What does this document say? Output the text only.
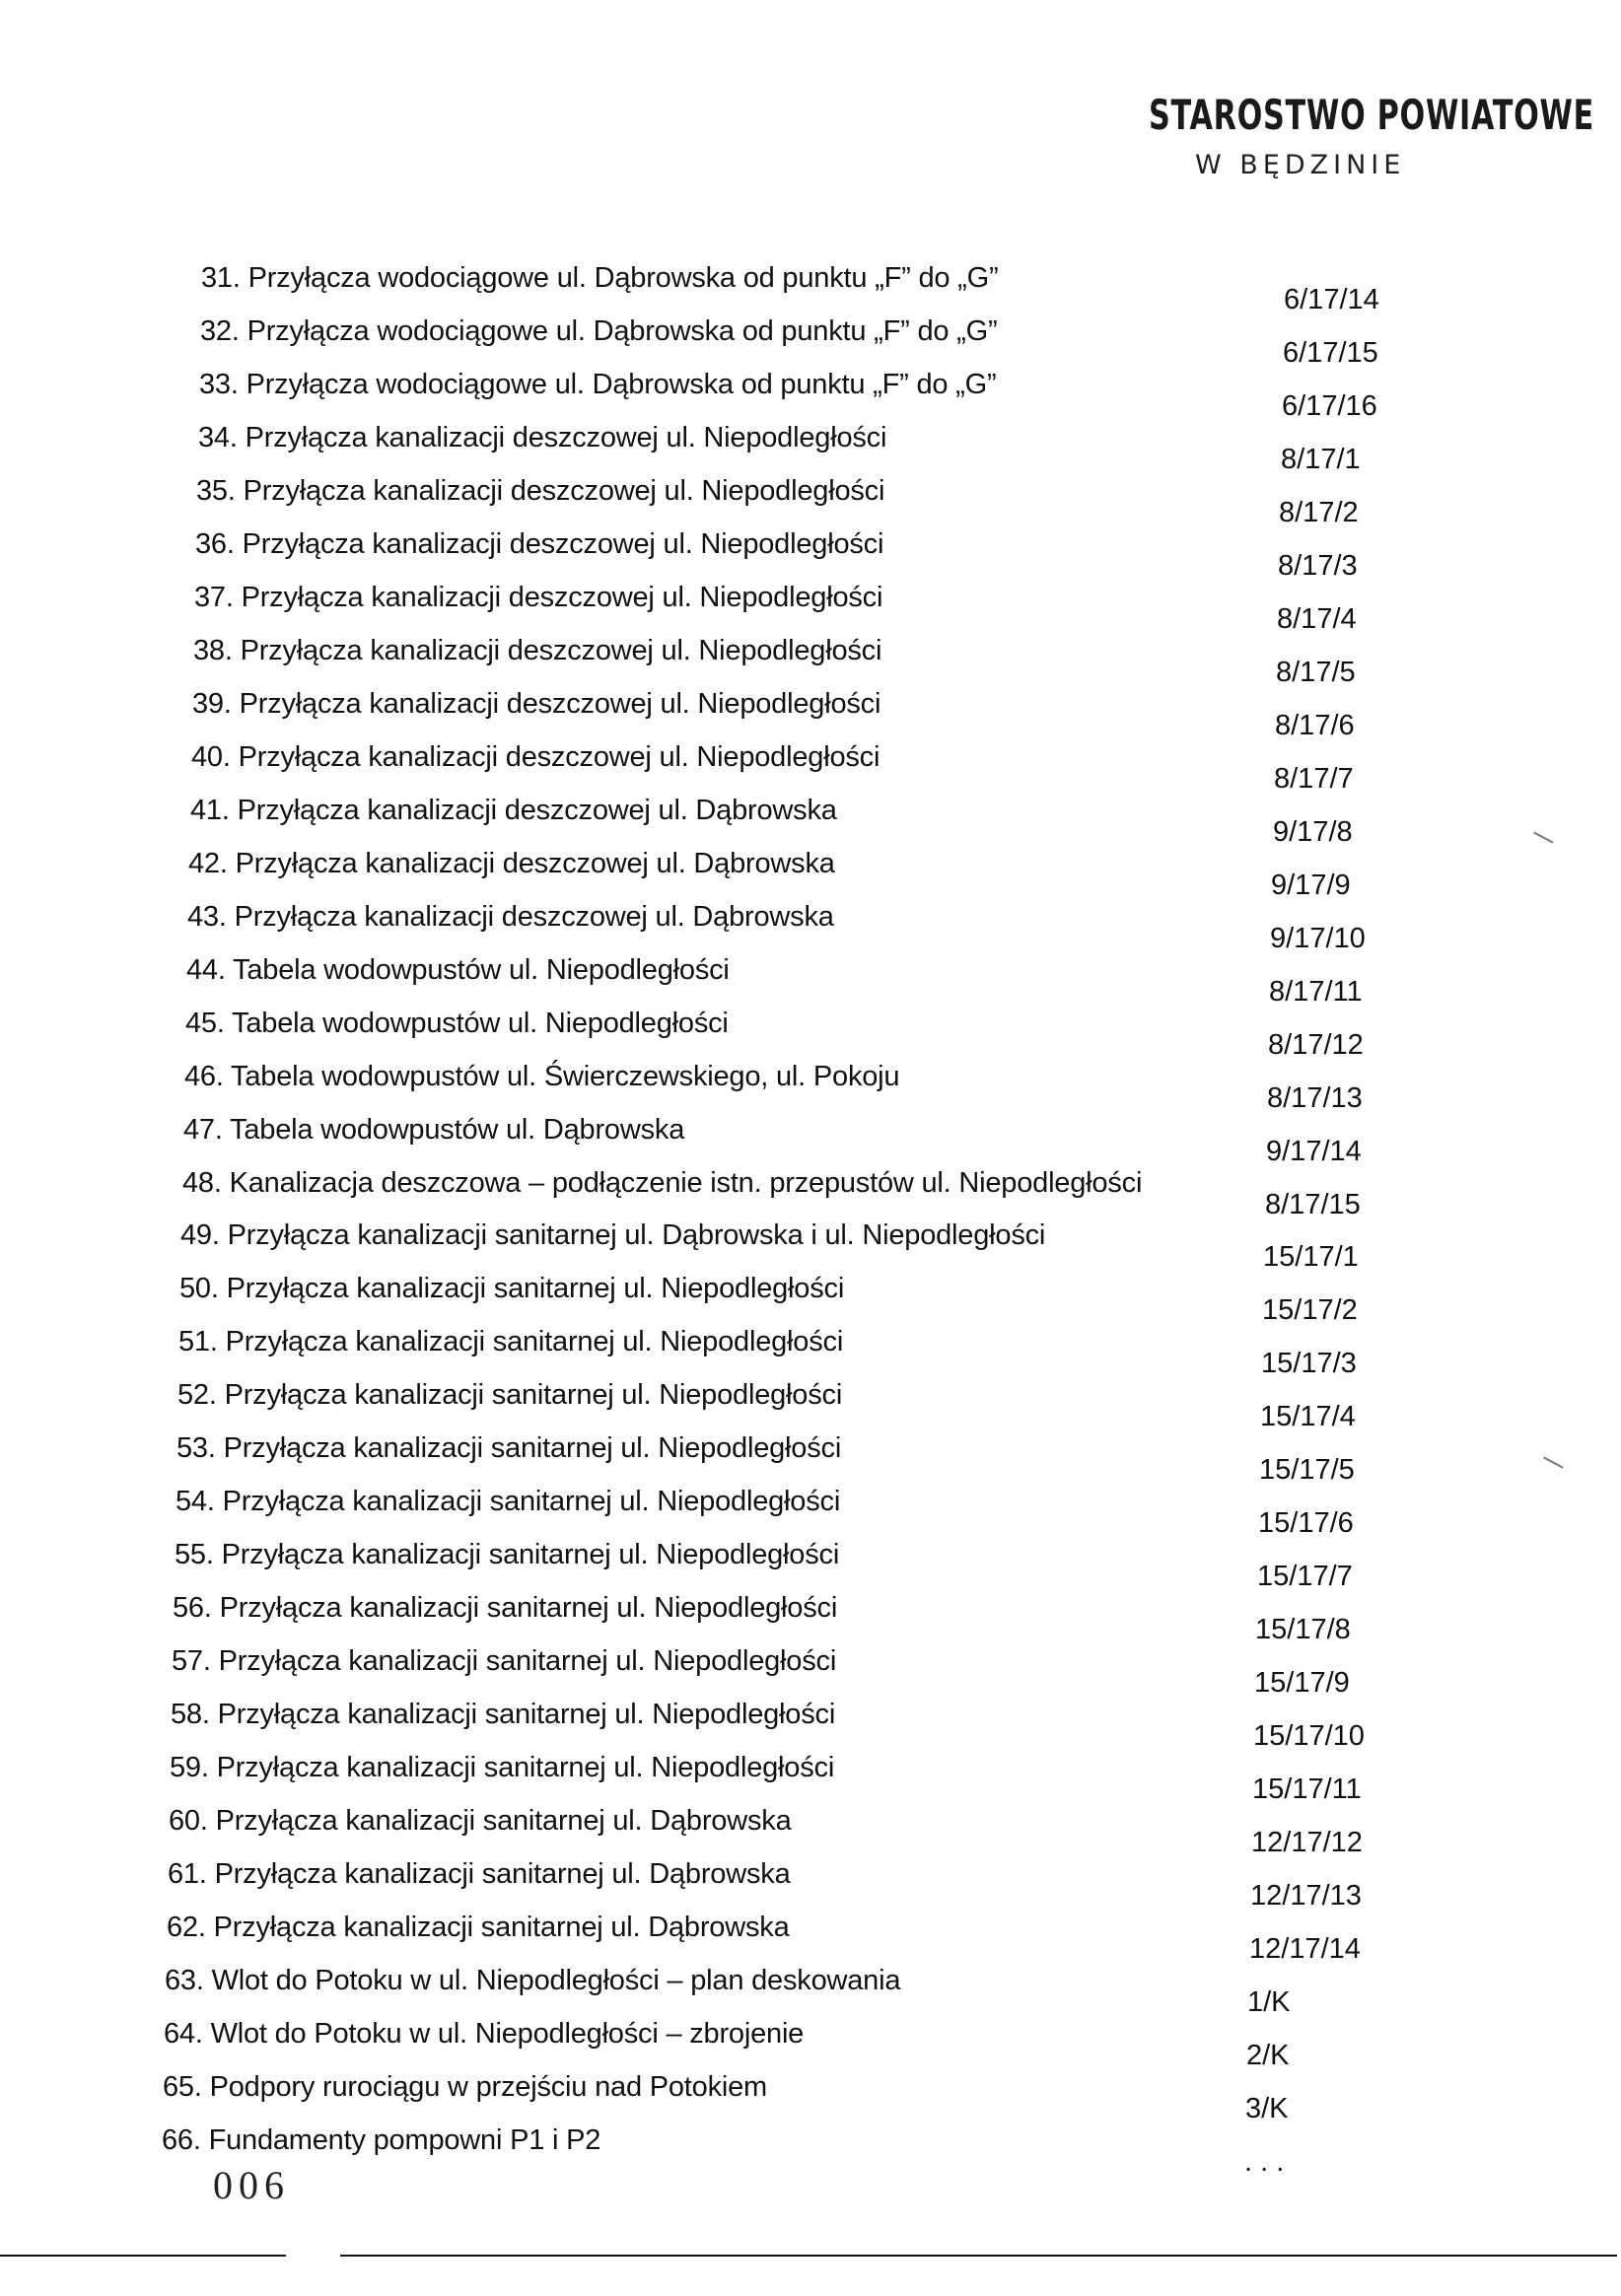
STAROSTWO POWIATOWE
W BĘDZINIE
31. Przyłącza wodociągowe ul. Dąbrowska od punktu „F” do „G”
6/17/14
32. Przyłącza wodociągowe ul. Dąbrowska od punktu „F” do „G”
6/17/15
33. Przyłącza wodociągowe ul. Dąbrowska od punktu „F” do „G”
6/17/16
34. Przyłącza kanalizacji deszczowej ul. Niepodległości
8/17/1
35. Przyłącza kanalizacji deszczowej ul. Niepodległości
8/17/2
36. Przyłącza kanalizacji deszczowej ul. Niepodległości
8/17/3
37. Przyłącza kanalizacji deszczowej ul. Niepodległości
8/17/4
38. Przyłącza kanalizacji deszczowej ul. Niepodległości
8/17/5
39. Przyłącza kanalizacji deszczowej ul. Niepodległości
8/17/6
40. Przyłącza kanalizacji deszczowej ul. Niepodległości
8/17/7
41. Przyłącza kanalizacji deszczowej ul. Dąbrowska
9/17/8
42. Przyłącza kanalizacji deszczowej ul. Dąbrowska
9/17/9
43. Przyłącza kanalizacji deszczowej ul. Dąbrowska
9/17/10
44. Tabela wodowpustów ul. Niepodległości
8/17/11
45. Tabela wodowpustów ul. Niepodległości
8/17/12
46. Tabela wodowpustów ul. Świerczewskiego, ul. Pokoju
8/17/13
47. Tabela wodowpustów ul. Dąbrowska
9/17/14
48. Kanalizacja deszczowa – podłączenie istn. przepustów ul. Niepodległości
8/17/15
49. Przyłącza kanalizacji sanitarnej ul. Dąbrowska i ul. Niepodległości
15/17/1
50. Przyłącza kanalizacji sanitarnej ul. Niepodległości
15/17/2
51. Przyłącza kanalizacji sanitarnej ul. Niepodległości
15/17/3
52. Przyłącza kanalizacji sanitarnej ul. Niepodległości
15/17/4
53. Przyłącza kanalizacji sanitarnej ul. Niepodległości
15/17/5
54. Przyłącza kanalizacji sanitarnej ul. Niepodległości
15/17/6
55. Przyłącza kanalizacji sanitarnej ul. Niepodległości
15/17/7
56. Przyłącza kanalizacji sanitarnej ul. Niepodległości
15/17/8
57. Przyłącza kanalizacji sanitarnej ul. Niepodległości
15/17/9
58. Przyłącza kanalizacji sanitarnej ul. Niepodległości
15/17/10
59. Przyłącza kanalizacji sanitarnej ul. Niepodległości
15/17/11
60. Przyłącza kanalizacji sanitarnej ul. Dąbrowska
12/17/12
61. Przyłącza kanalizacji sanitarnej ul. Dąbrowska
12/17/13
62. Przyłącza kanalizacji sanitarnej ul. Dąbrowska
12/17/14
63. Wlot do Potoku w ul. Niepodległości – plan deskowania
1/K
64. Wlot do Potoku w ul. Niepodległości – zbrojenie
2/K
65. Podpory rurociągu w przejściu nad Potokiem
3/K
66. Fundamenty pompowni P1 i P2
. . .
006
